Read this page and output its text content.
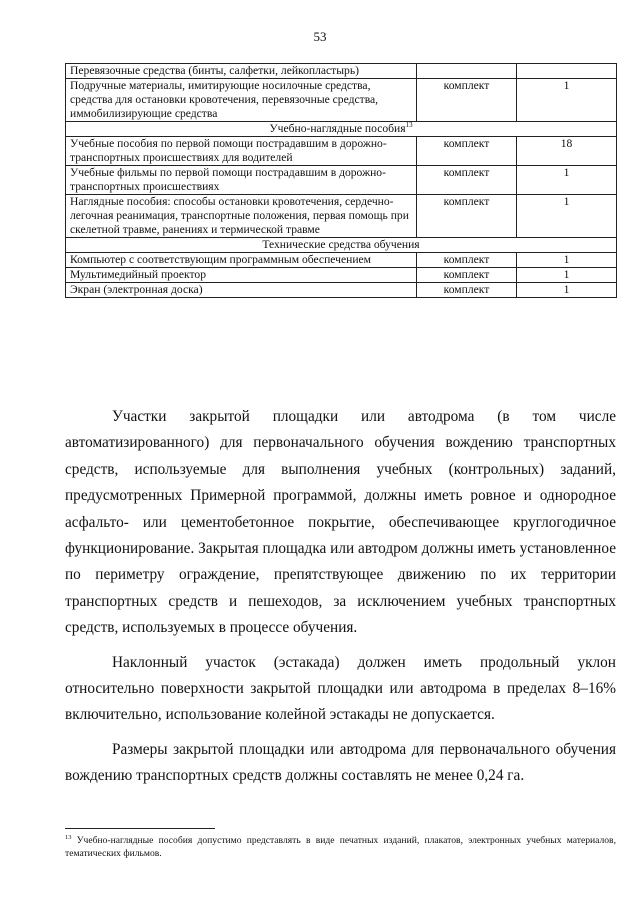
53
Перевязочные средства (бинты, салфетки, лейкопластырь)		
Подручные материалы, имитирующие носилочные средства, средства для остановки кровотечения, перевязочные средства, иммобилизирующие средства	комплект	1
Учебно-наглядные пособия$^{13}$
Учебные пособия по первой помощи пострадавшим в дорожно-транспортных происшествиях для водителей	комплект	18
Учебные фильмы по первой помощи пострадавшим в дорожно-транспортных происшествиях	комплект	1
Наглядные пособия: способы остановки кровотечения, сердечно-легочная реанимация, транспортные положения, первая помощь при скелетной травме, ранениях и термической травме	комплект	1
Технические средства обучения		
Компьютер с соответствующим программным обеспечением	комплект	1
Мультимедийный проектор	комплект	1
Экран (электронная доска)	комплект	1

Участки закрытой площадки или автодрома (в том числе автоматизированного) для первоначального обучения вождению транспортных средств, используемые для выполнения учебных (контрольных) заданий, предусмотренных Примерной программой, должны иметь ровное и однородное асфальто- или цементобетонное покрытие, обеспечивающее круглогодичное функционирование. Закрытая площадка или автодром должны иметь установленное по периметру ограждение, препятствующее движению по их территории транспортных средств и пешеходов, за исключением учебных транспортных средств, используемых в процессе обучения.

Наклонный участок (эстакада) должен иметь продольный уклон относительно поверхности закрытой площадки или автодрома в пределах 8–16% включительно, использование колейной эстакады не допускается.

Размеры закрытой площадки или автодрома для первоначального обучения вождению транспортных средств должны составлять не менее 0,24 га.

$^{13}$ Учебно-наглядные пособия допустимо представлять в виде печатных изданий, плакатов, электронных учебных материалов, тематических фильмов.
